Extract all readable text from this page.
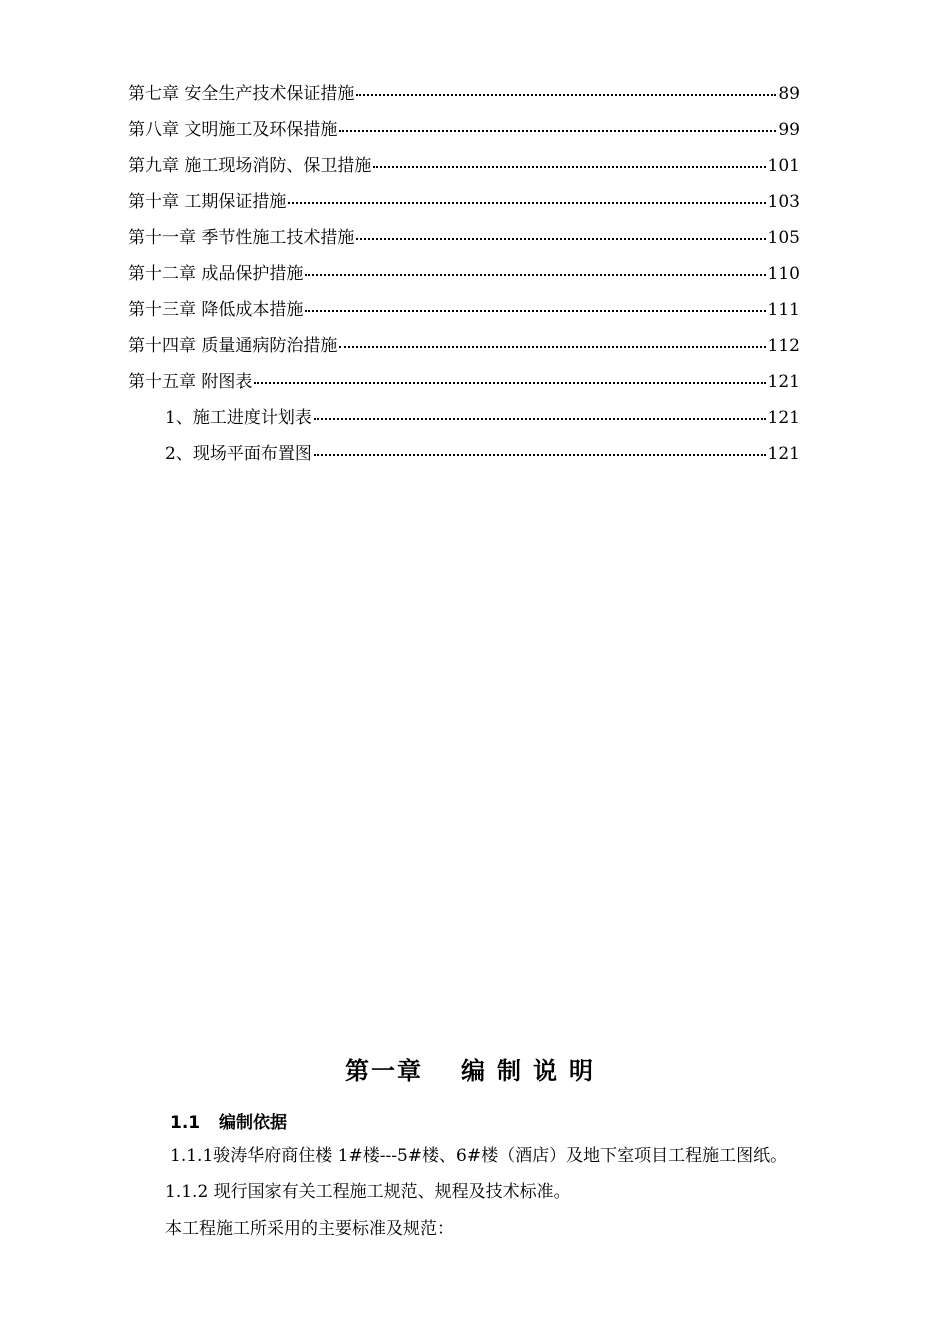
第七章 安全生产技术保证措施	89
第八章 文明施工及环保措施	99
第九章 施工现场消防、保卫措施	101
第十章 工期保证措施	103
第十一章 季节性施工技术措施	105
第十二章 成品保护措施	110
第十三章 降低成本措施	111
第十四章 质量通病防治措施	112
第十五章 附图表	121
1、施工进度计划表	121
2、现场平面布置图	121
第一章 编制说明
1.1 编制依据
1.1.1骏涛华府商住楼 1#楼---5#楼、6#楼（酒店）及地下室项目工程施工图纸。
1.1.2 现行国家有关工程施工规范、规程及技术标准。
本工程施工所采用的主要标准及规范：
